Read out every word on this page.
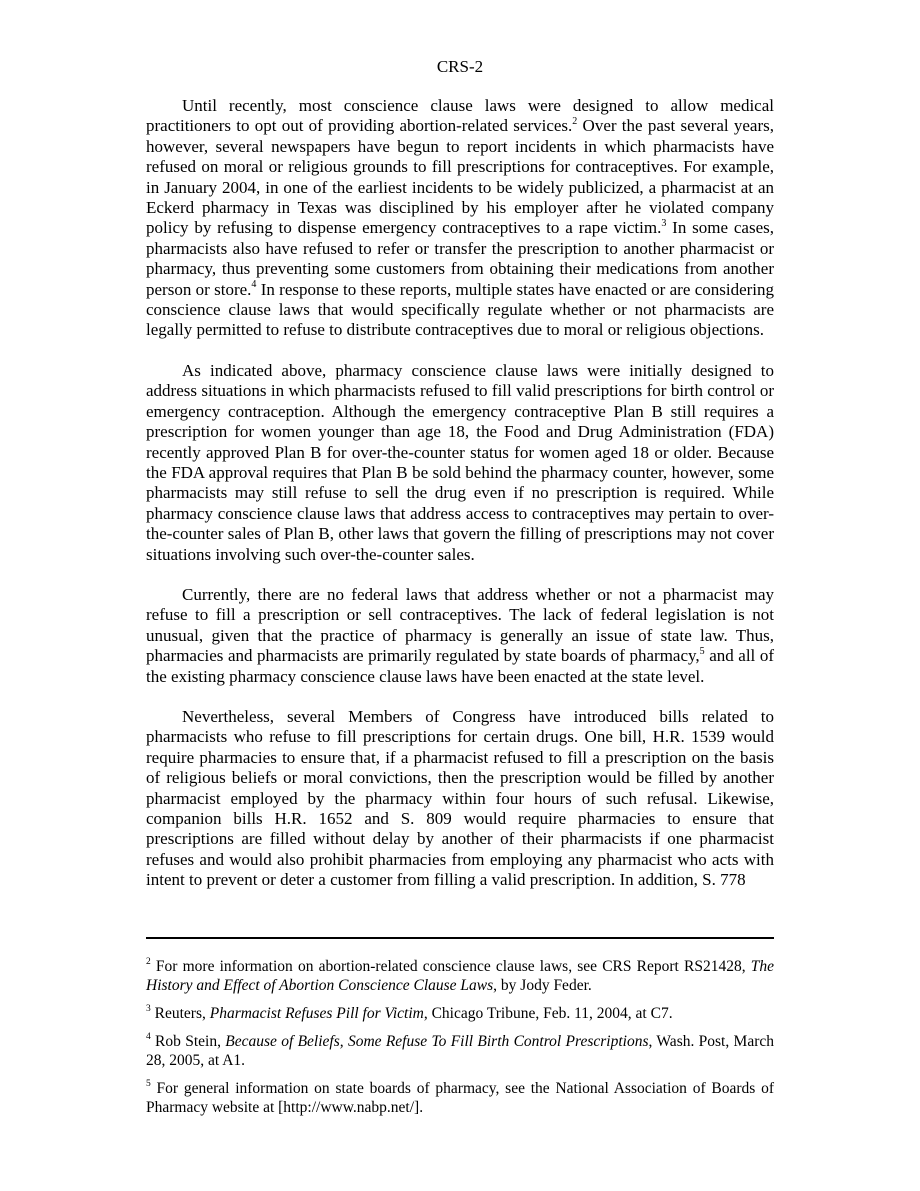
CRS-2

Until recently, most conscience clause laws were designed to allow medical practitioners to opt out of providing abortion-related services.$^2$ Over the past several years, however, several newspapers have begun to report incidents in which pharmacists have refused on moral or religious grounds to fill prescriptions for contraceptives. For example, in January 2004, in one of the earliest incidents to be widely publicized, a pharmacist at an Eckerd pharmacy in Texas was disciplined by his employer after he violated company policy by refusing to dispense emergency contraceptives to a rape victim.$^3$ In some cases, pharmacists also have refused to refer or transfer the prescription to another pharmacist or pharmacy, thus preventing some customers from obtaining their medications from another person or store.$^4$ In response to these reports, multiple states have enacted or are considering conscience clause laws that would specifically regulate whether or not pharmacists are legally permitted to refuse to distribute contraceptives due to moral or religious objections.

As indicated above, pharmacy conscience clause laws were initially designed to address situations in which pharmacists refused to fill valid prescriptions for birth control or emergency contraception. Although the emergency contraceptive Plan B still requires a prescription for women younger than age 18, the Food and Drug Administration (FDA) recently approved Plan B for over-the-counter status for women aged 18 or older. Because the FDA approval requires that Plan B be sold behind the pharmacy counter, however, some pharmacists may still refuse to sell the drug even if no prescription is required. While pharmacy conscience clause laws that address access to contraceptives may pertain to over-the-counter sales of Plan B, other laws that govern the filling of prescriptions may not cover situations involving such over-the-counter sales.

Currently, there are no federal laws that address whether or not a pharmacist may refuse to fill a prescription or sell contraceptives. The lack of federal legislation is not unusual, given that the practice of pharmacy is generally an issue of state law. Thus, pharmacies and pharmacists are primarily regulated by state boards of pharmacy,$^5$ and all of the existing pharmacy conscience clause laws have been enacted at the state level.

Nevertheless, several Members of Congress have introduced bills related to pharmacists who refuse to fill prescriptions for certain drugs. One bill, H.R. 1539 would require pharmacies to ensure that, if a pharmacist refused to fill a prescription on the basis of religious beliefs or moral convictions, then the prescription would be filled by another pharmacist employed by the pharmacy within four hours of such refusal. Likewise, companion bills H.R. 1652 and S. 809 would require pharmacies to ensure that prescriptions are filled without delay by another of their pharmacists if one pharmacist refuses and would also prohibit pharmacies from employing any pharmacist who acts with intent to prevent or deter a customer from filling a valid prescription. In addition, S. 778

$^2$ For more information on abortion-related conscience clause laws, see CRS Report RS21428, The History and Effect of Abortion Conscience Clause Laws, by Jody Feder.

$^3$ Reuters, Pharmacist Refuses Pill for Victim, Chicago Tribune, Feb. 11, 2004, at C7.

$^4$ Rob Stein, Because of Beliefs, Some Refuse To Fill Birth Control Prescriptions, Wash. Post, March 28, 2005, at A1.

$^5$ For general information on state boards of pharmacy, see the National Association of Boards of Pharmacy website at [http://www.nabp.net/].
